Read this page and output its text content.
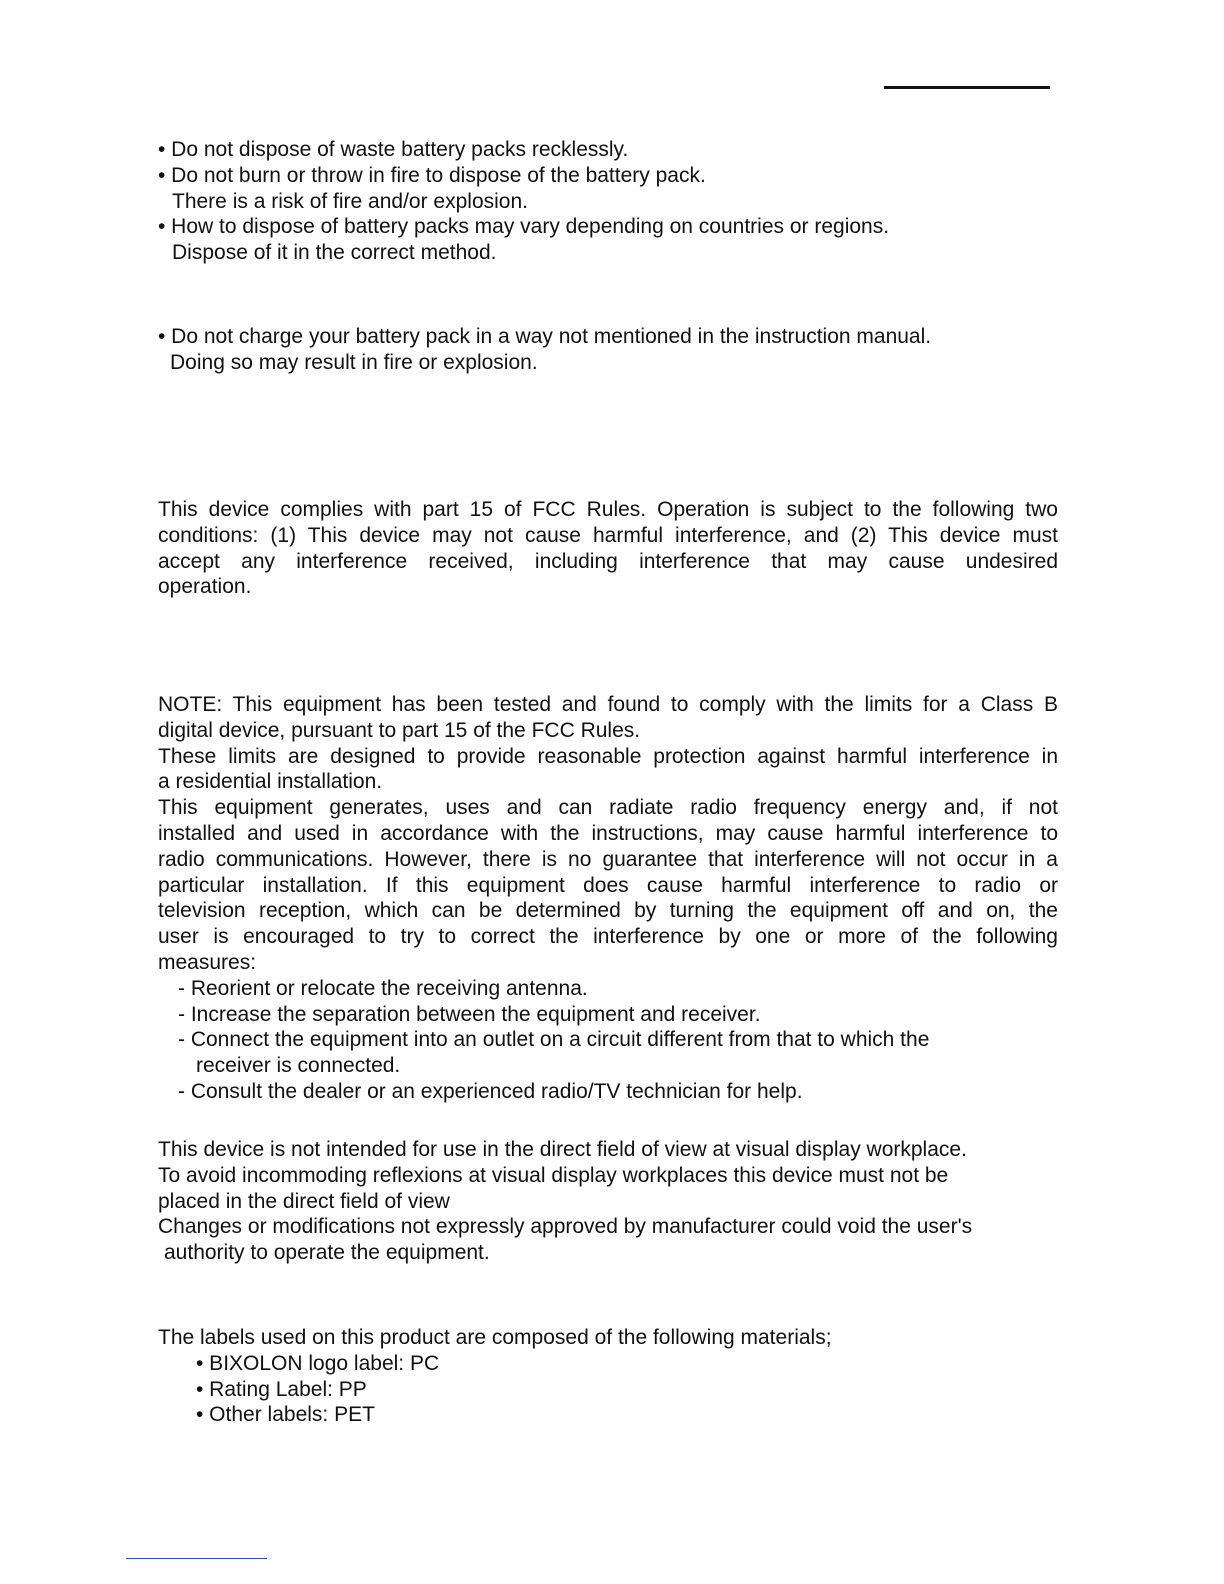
• Do not dispose of waste battery packs recklessly.
• Do not burn or throw in fire to dispose of the battery pack.
There is a risk of fire and/or explosion.
• How to dispose of battery packs may vary depending on countries or regions.
Dispose of it in the correct method.
• Do not charge your battery pack in a way not mentioned in the instruction manual.
Doing so may result in fire or explosion.
This device complies with part 15 of FCC Rules. Operation is subject to the following two
conditions: (1) This device may not cause harmful interference, and (2) This device must
accept any interference received, including interference that may cause undesired
operation.
NOTE: This equipment has been tested and found to comply with the limits for a Class B
digital device, pursuant to part 15 of the FCC Rules.
These limits are designed to provide reasonable protection against harmful interference in
a residential installation.
This equipment generates, uses and can radiate radio frequency energy and, if not
installed and used in accordance with the instructions, may cause harmful interference to
radio communications. However, there is no guarantee that interference will not occur in a
particular installation. If this equipment does cause harmful interference to radio or
television reception, which can be determined by turning the equipment off and on, the
user is encouraged to try to correct the interference by one or more of the following
measures:
- Reorient or relocate the receiving antenna.
- Increase the separation between the equipment and receiver.
- Connect the equipment into an outlet on a circuit different from that to which the
receiver is connected.
- Consult the dealer or an experienced radio/TV technician for help.
This device is not intended for use in the direct field of view at visual display workplace.
To avoid incommoding reflexions at visual display workplaces this device must not be
placed in the direct field of view
Changes or modifications not expressly approved by manufacturer could void the user's
authority to operate the equipment.
The labels used on this product are composed of the following materials;
• BIXOLON logo label: PC
• Rating Label: PP
• Other labels: PET
